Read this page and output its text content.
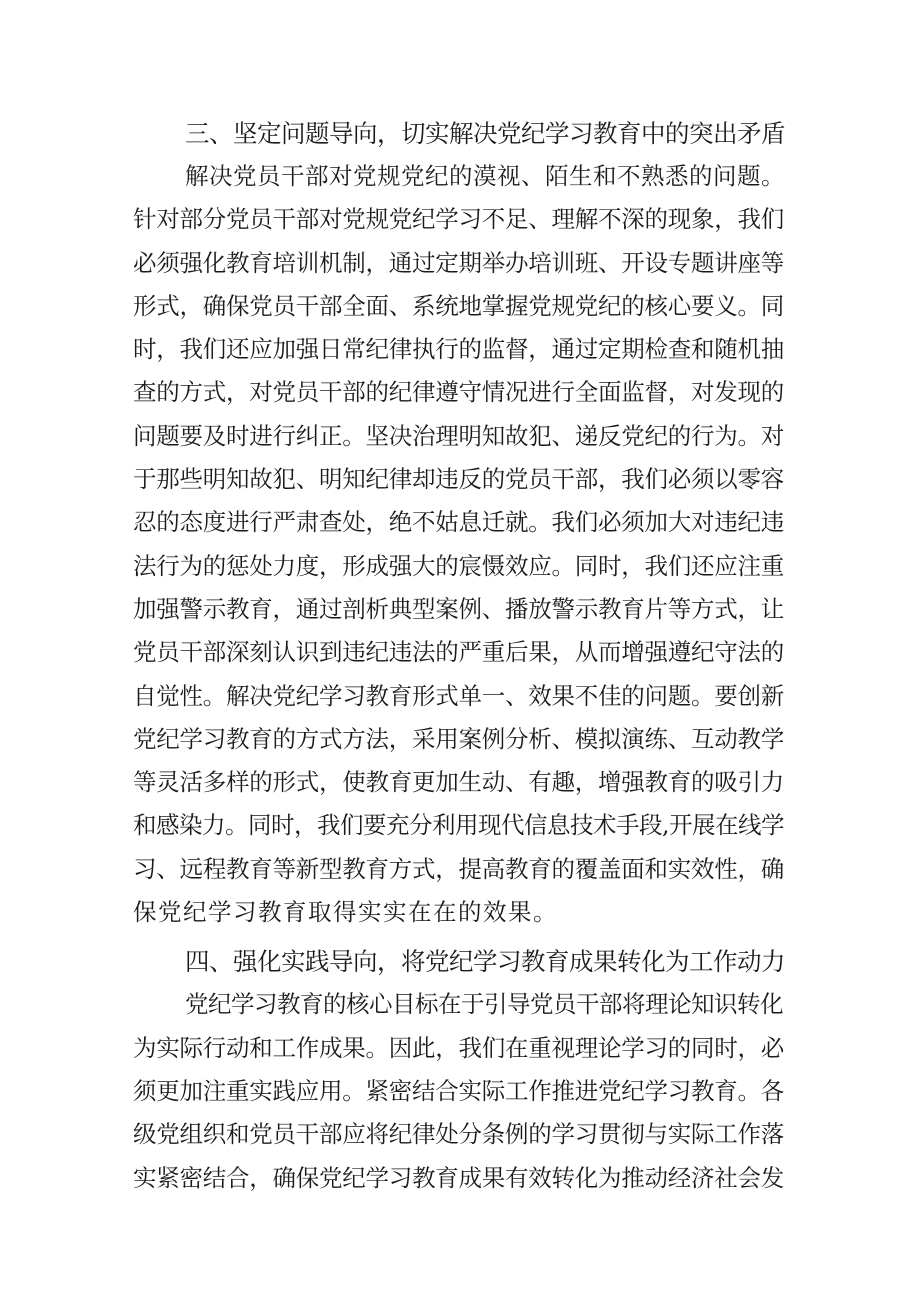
三、坚定问题导向，切实解决党纪学习教育中的突出矛盾
解决党员干部对党规党纪的漠视、陌生和不熟悉的问题。
针对部分党员干部对党规党纪学习不足、理解不深的现象，我们
必须强化教育培训机制，通过定期举办培训班、开设专题讲座等
形式，确保党员干部全面、系统地掌握党规党纪的核心要义。同
时，我们还应加强日常纪律执行的监督，通过定期检查和随机抽
查的方式，对党员干部的纪律遵守情况进行全面监督，对发现的
问题要及时进行纠正。坚决治理明知故犯、递反党纪的行为。对
于那些明知故犯、明知纪律却违反的党员干部，我们必须以零容
忍的态度进行严肃查处，绝不姑息迁就。我们必须加大对违纪违
法行为的惩处力度，形成强大的宸慑效应。同时，我们还应注重
加强警示教育，通过剖析典型案例、播放警示教育片等方式，让
党员干部深刻认识到违纪违法的严重后果，从而增强遵纪守法的
自觉性。解决党纪学习教育形式单一、效果不佳的问题。要创新
党纪学习教育的方式方法，采用案例分析、模拟演练、互动教学
等灵活多样的形式，使教育更加生动、有趣，增强教育的吸引力
和感染力。同时，我们要充分利用现代信息技术手段,开展在线学
习、远程教育等新型教育方式，提高教育的覆盖面和实效性，确
保党纪学习教育取得实实在在的效果。
四、强化实践导向，将党纪学习教育成果转化为工作动力
党纪学习教育的核心目标在于引导党员干部将理论知识转化
为实际行动和工作成果。因此，我们在重视理论学习的同时，必
须更加注重实践应用。紧密结合实际工作推进党纪学习教育。各
级党组织和党员干部应将纪律处分条例的学习贯彻与实际工作落
实紧密结合，确保党纪学习教育成果有效转化为推动经济社会发
